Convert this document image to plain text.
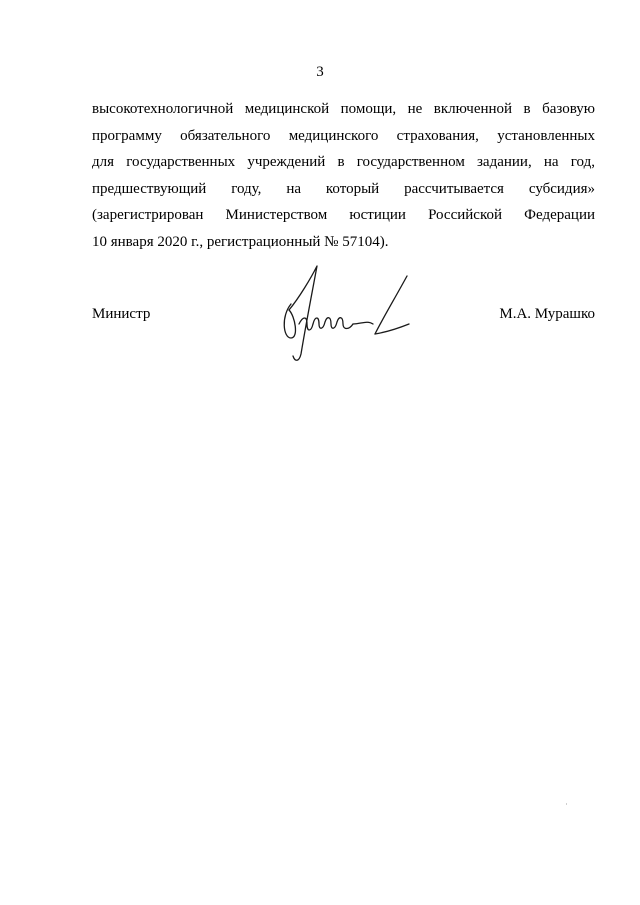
3

высокотехнологичной медицинской помощи, не включенной в базовую
программу обязательного медицинского страхования, установленных
для государственных учреждений в государственном задании, на год,
предшествующий году, на который рассчитывается субсидия»
(зарегистрирован Министерством юстиции Российской Федерации
10 января 2020 г., регистрационный № 57104).

Министр	М.А. Мурашко
